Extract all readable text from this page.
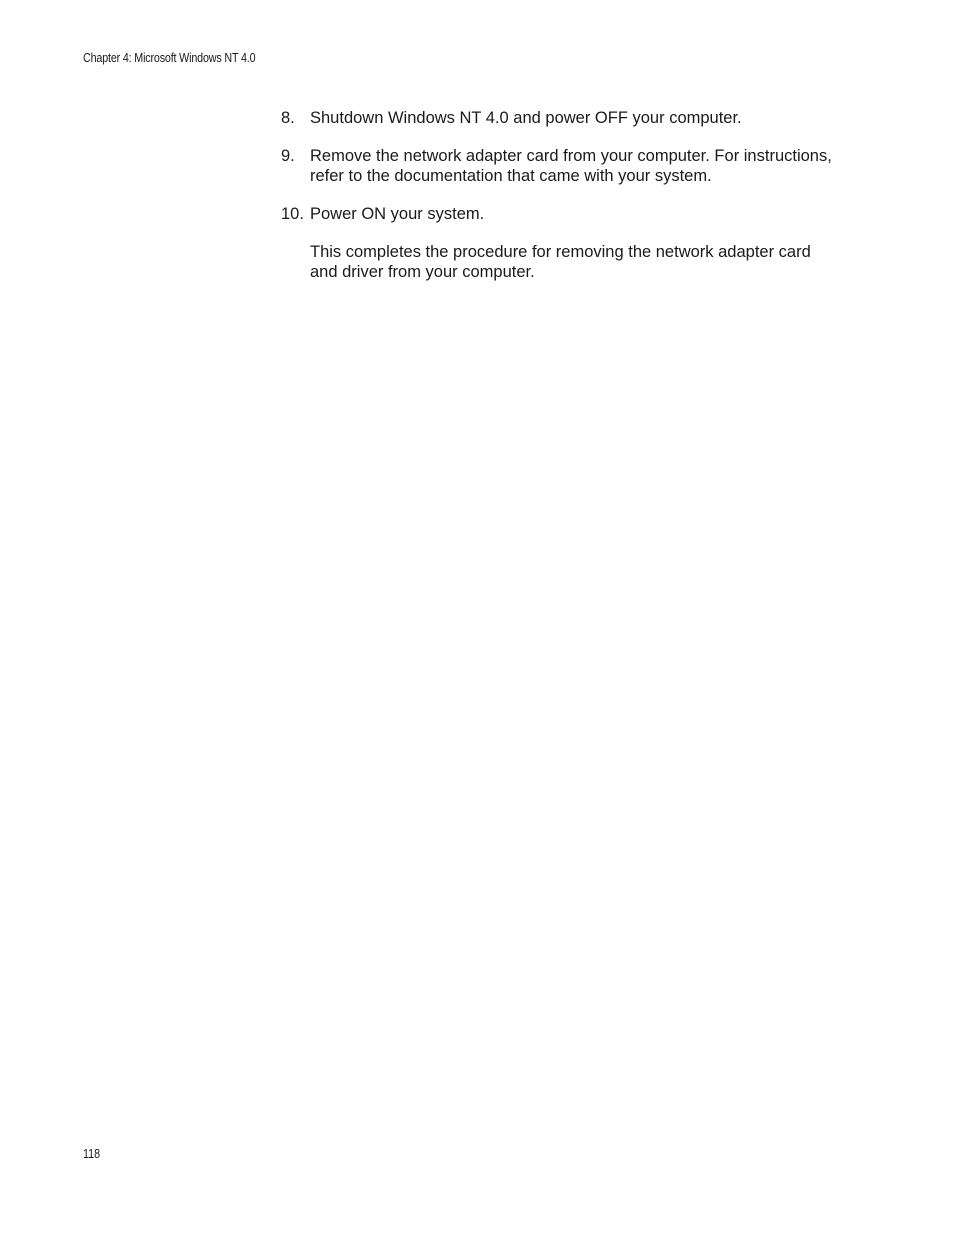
Chapter 4: Microsoft Windows NT 4.0
8. Shutdown Windows NT 4.0 and power OFF your computer.
9. Remove the network adapter card from your computer. For instructions, refer to the documentation that came with your system.
10. Power ON your system.
This completes the procedure for removing the network adapter card and driver from your computer.
118
